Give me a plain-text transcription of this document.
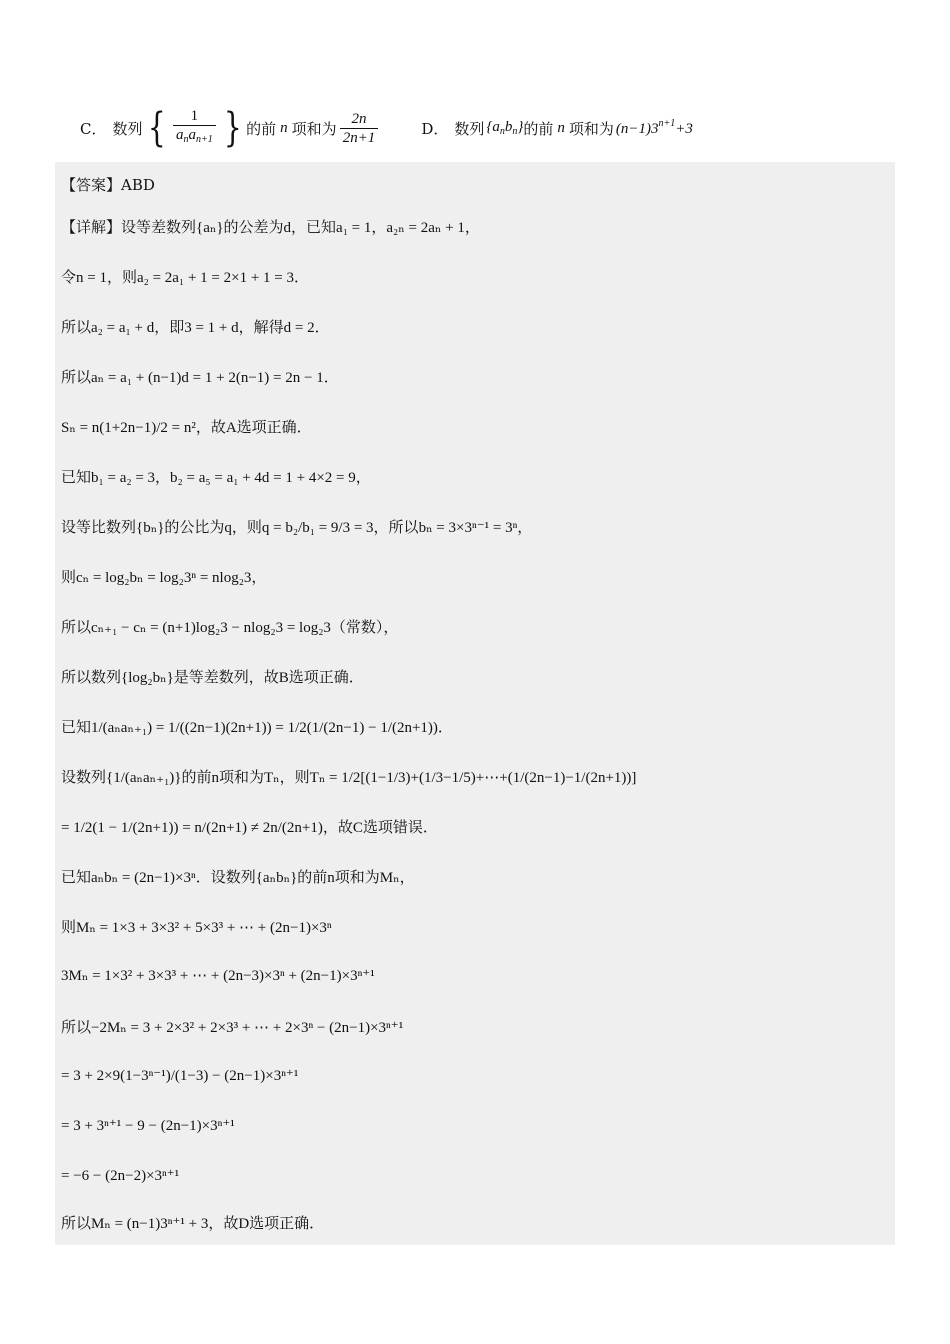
C． 数列 { $\frac{1}{a_na_{n+1}}$ } 的前 n 项和为 $\frac{2n}{2n+1}$	D． 数列 $\{a_nb_n\}$ 的前 n 项和为 $(n-1)3^{n+1}+3$
【答案】ABD
【详解】设等差数列{aₙ}的公差为d，已知a₁ = 1，a₂ₙ = 2aₙ + 1，
令n = 1，则a₂ = 2a₁ + 1 = 2×1 + 1 = 3．
所以a₂ = a₁ + d，即3 = 1 + d，解得d = 2．
所以aₙ = a₁ + (n−1)d = 1 + 2(n−1) = 2n − 1．
Sₙ = n(1+2n−1)/2 = n²，故A选项正确．
已知b₁ = a₂ = 3，b₂ = a₅ = a₁ + 4d = 1 + 4×2 = 9，
设等比数列{bₙ}的公比为q，则q = b₂/b₁ = 9/3 = 3，所以bₙ = 3×3ⁿ⁻¹ = 3ⁿ，
则cₙ = log₂bₙ = log₂3ⁿ = nlog₂3，
所以cₙ₊₁ − cₙ = (n+1)log₂3 − nlog₂3 = log₂3（常数），
所以数列{log₂bₙ}是等差数列，故B选项正确．
已知1/(aₙaₙ₊₁) = 1/((2n−1)(2n+1)) = 1/2(1/(2n−1) − 1/(2n+1))．
设数列{1/(aₙaₙ₊₁)}的前n项和为Tₙ，则Tₙ = 1/2[(1−1/3)+(1/3−1/5)+⋯+(1/(2n−1)−1/(2n+1))]
= 1/2(1 − 1/(2n+1)) = n/(2n+1) ≠ 2n/(2n+1)，故C选项错误．
已知aₙbₙ = (2n−1)×3ⁿ．设数列{aₙbₙ}的前n项和为Mₙ，
则Mₙ = 1×3 + 3×3² + 5×3³ + ⋯ + (2n−1)×3ⁿ
3Mₙ = 1×3² + 3×3³ + ⋯ + (2n−3)×3ⁿ + (2n−1)×3ⁿ⁺¹
所以−2Mₙ = 3 + 2×3² + 2×3³ + ⋯ + 2×3ⁿ − (2n−1)×3ⁿ⁺¹
= 3 + 2×9(1−3ⁿ⁻¹)/(1−3) − (2n−1)×3ⁿ⁺¹
= 3 + 3ⁿ⁺¹ − 9 − (2n−1)×3ⁿ⁺¹
= −6 − (2n−2)×3ⁿ⁺¹
所以Mₙ = (n−1)3ⁿ⁺¹ + 3，故D选项正确．
